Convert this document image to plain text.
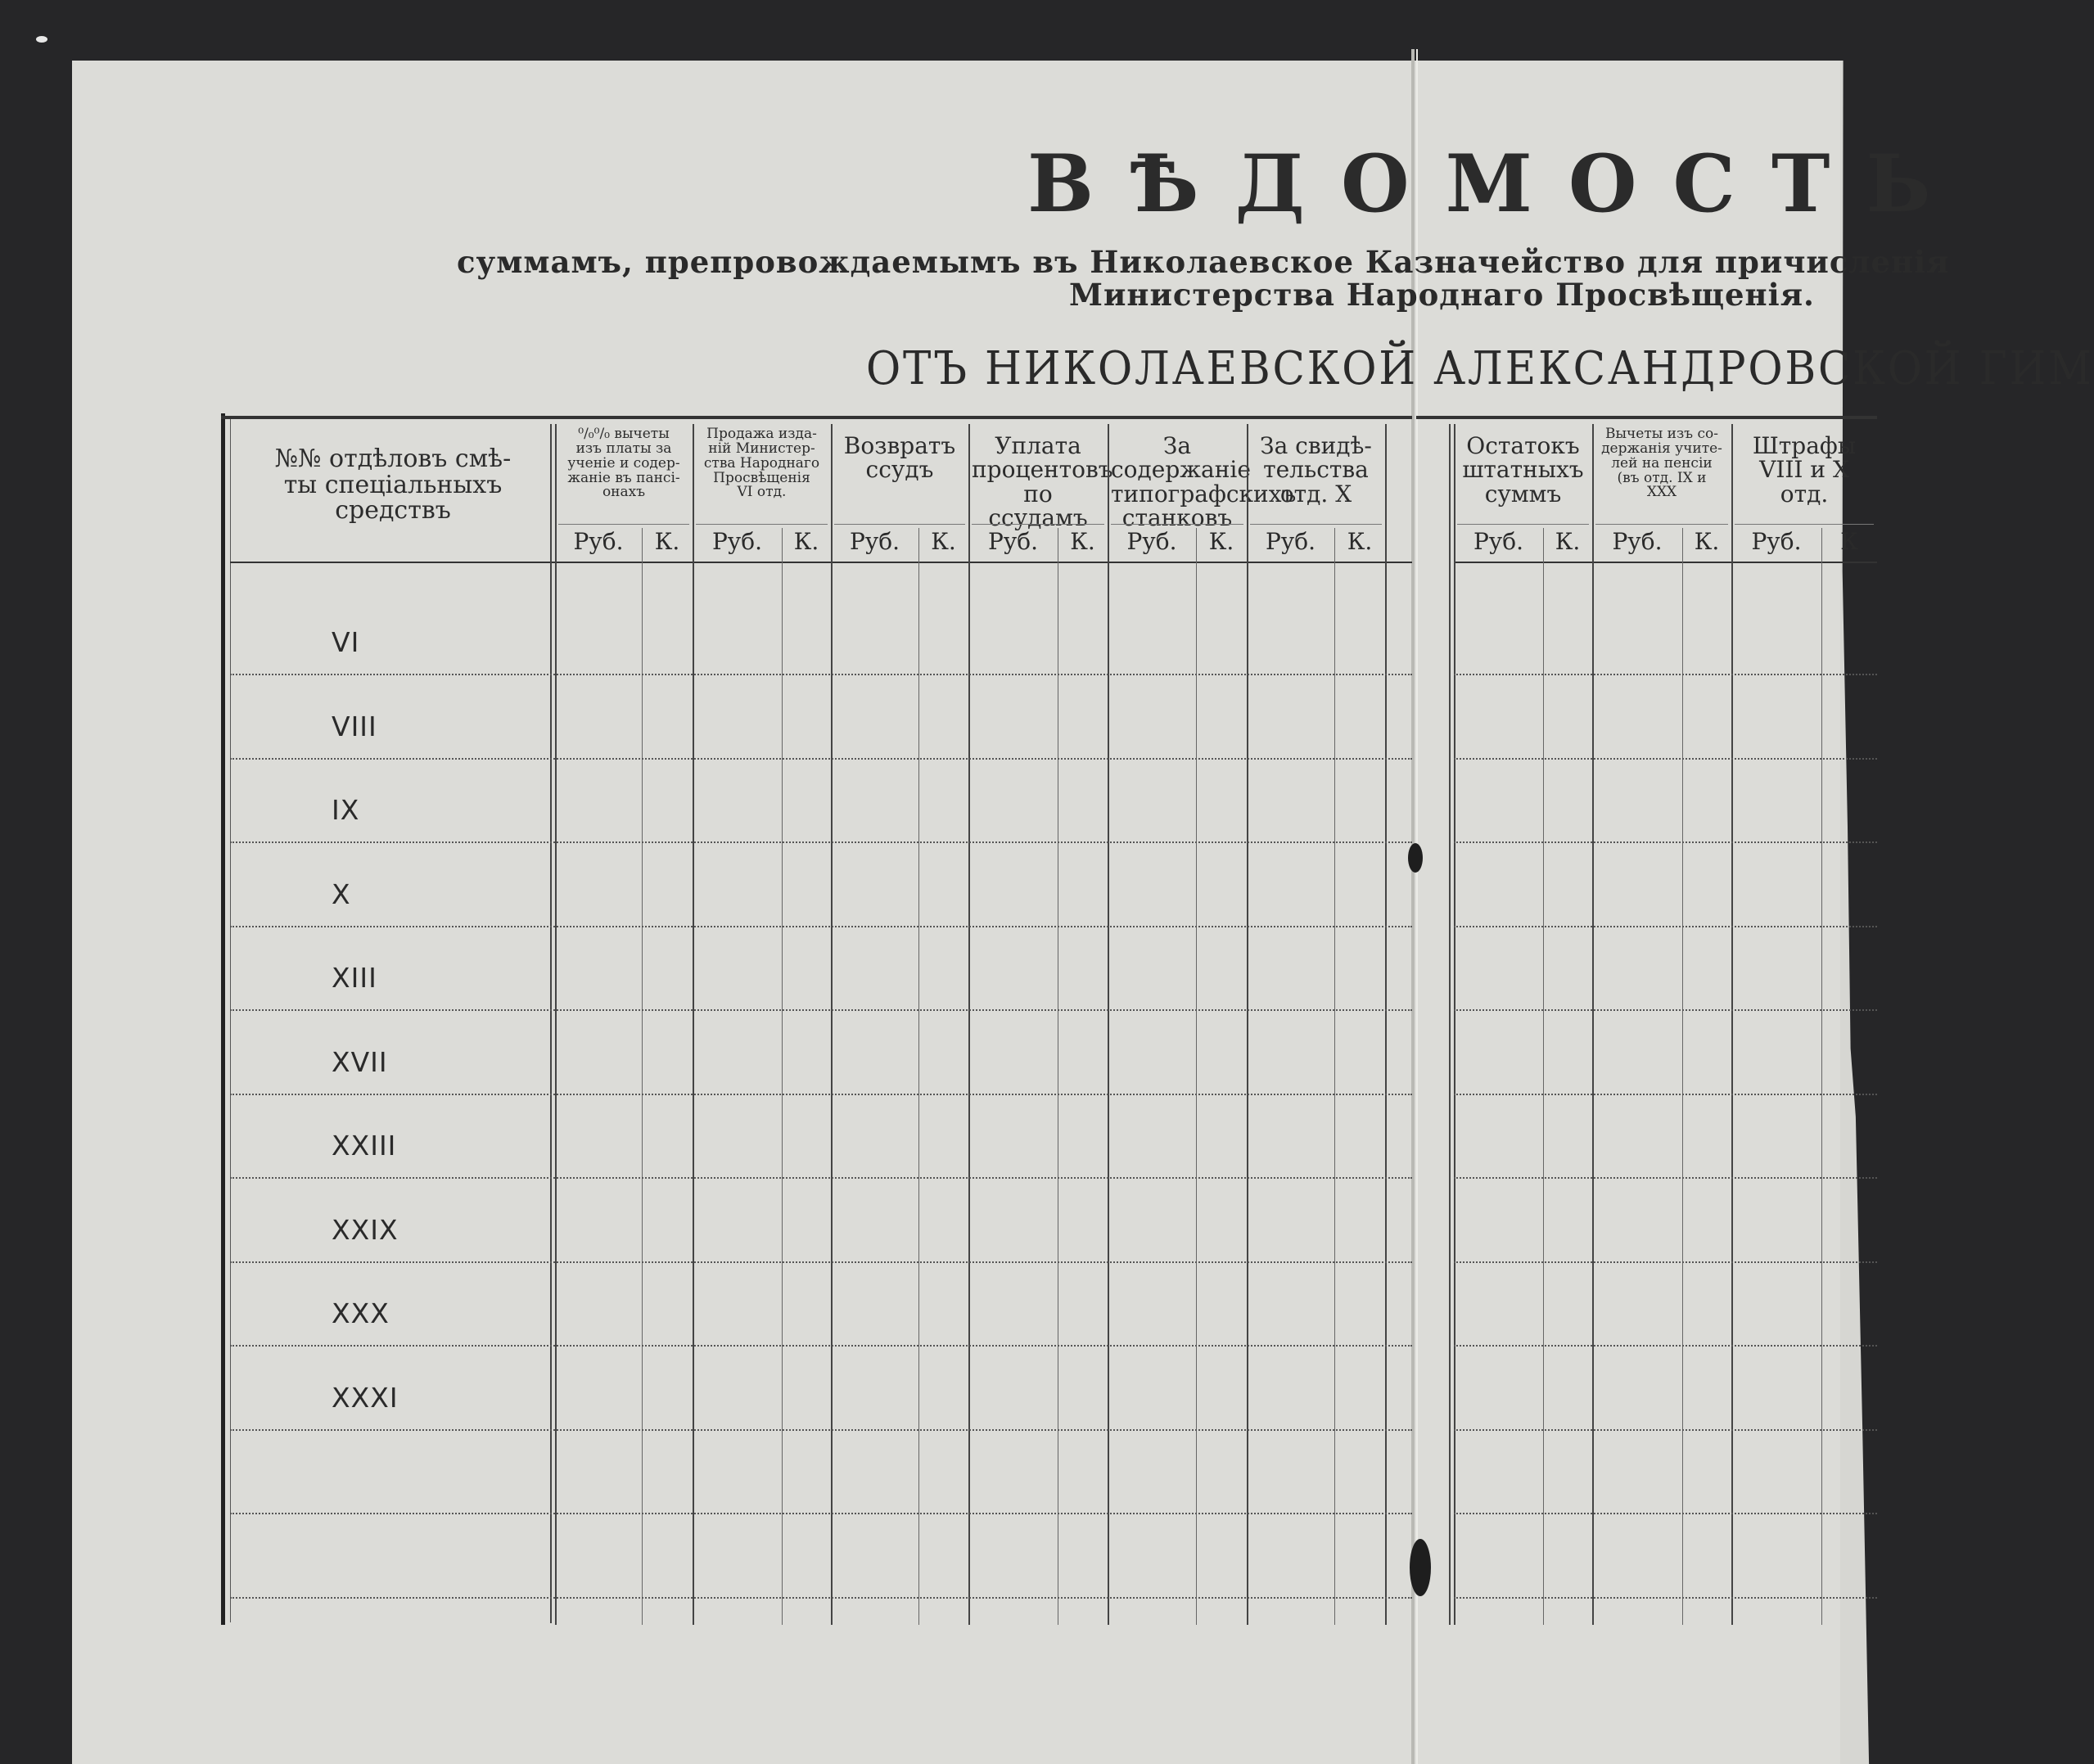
ВѢДОМОСТЬ
суммамъ, препровождаемымъ въ Николаевское Казначейство для причисленія
Министерства Народнаго Просвѣщенія.
ОТЪ НИКОЛАЕВСКОЙ АЛЕКСАНДРОВСКОЙ ГИМ
№№ отдѣловъ смѣ-
ты спеціальныхъ
средствъ
⁰/₀⁰/₀ вычеты
изъ платы за
ученіе и содер-
жаніе въ пансі-
онахъ
Руб.	К.
Продажа изда-
ній Министер-
ства Народнаго
Просвѣщенія
VI отд.
Руб.	К.
Возвратъ
ссудъ
Руб.	К.
Уплата
процентовъ
по ссудамъ
Руб.	К.
За содержаніе
типографскихъ
станковъ
Руб.	К.
За свидѣ-
тельства
отд. X
Руб.	К.
Остатокъ
штатныхъ
суммъ
Руб.	К.
Вычеты изъ со-
держанія учите-
лей на пенсіи
(въ отд. IX и
XXX
Руб.	К.
Штрафы
VIII и X
отд.
Руб.	К
VI
VIII
IX
X
XIII
XVII
XXIII
XXIX
XXX
XXXI
